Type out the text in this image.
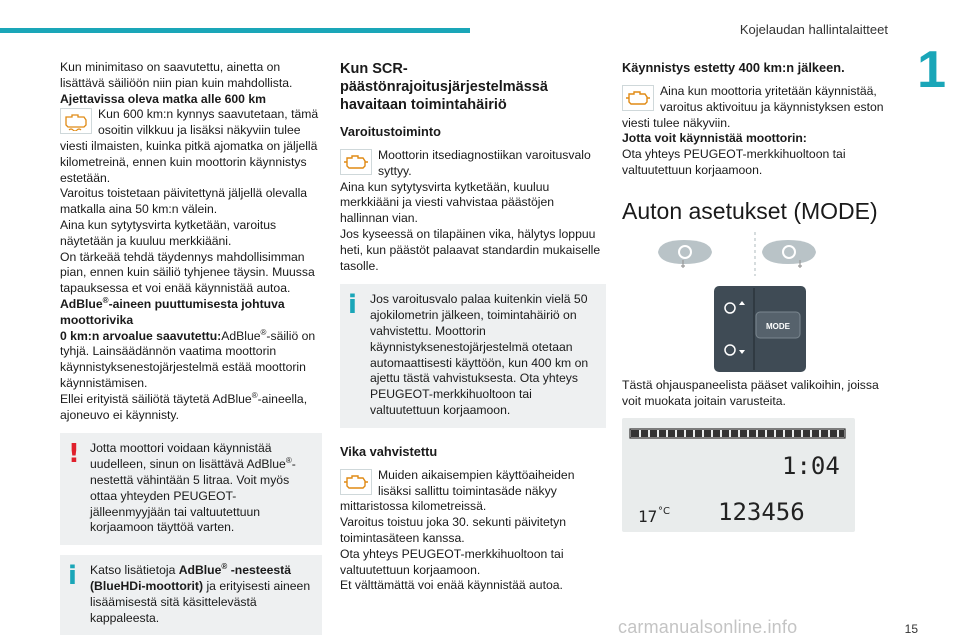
Kojelaudan hallintalaitteet
1

Kun minimitaso on saavutettu, ainetta on lisättävä säiliöön niin pian kuin mahdollista.

Ajettavissa oleva matka alle 600 km

Kun 600 km:n kynnys saavutetaan, tämä osoitin vilkkuu ja lisäksi näkyviin tulee viesti ilmaisten, kuinka pitkä ajomatka on jäljellä kilometreinä, ennen kuin moottorin käynnistys estetään.

Varoitus toistetaan päivitettynä jäljellä olevalla matkalla aina 50 km:n välein.

Aina kun sytytysvirta kytketään, varoitus näytetään ja kuuluu merkkiääni.

On tärkeää tehdä täydennys mahdollisimman pian, ennen kuin säiliö tyhjenee täysin. Muussa tapauksessa et voi enää käynnistää autoa.

AdBlue®-aineen puuttumisesta johtuva moottorivika

0 km:n arvoalue saavutettu:AdBlue®-säiliö on tyhjä. Lainsäädännön vaatima moottorin käynnistyksenestojärjestelmä estää moottorin käynnistämisen.

Ellei erityistä säiliötä täytetä AdBlue®-aineella, ajoneuvo ei käynnisty.

! Jotta moottori voidaan käynnistää uudelleen, sinun on lisättävä AdBlue®-nestettä vähintään 5 litraa. Voit myös ottaa yhteyden PEUGEOT-jälleenmyyjään tai valtuutettuun korjaamoon täyttöä varten.
i	Katso lisätietoja AdBlue® -nesteestä (BlueHDi-moottorit) ja erityisesti aineen lisäämisestä sitä käsittelevästä kappaleesta.
Kun SCR-päästönrajoitusjärjestelmässä havaitaan toimintahäiriö
Varoitustoiminto
Moottorin itsediagnostiikan varoitusvalo syttyy.

Aina kun sytytysvirta kytketään, kuuluu merkkiääni ja viesti vahvistaa päästöjen hallinnan vian.

Jos kyseessä on tilapäinen vika, hälytys loppuu heti, kun päästöt palaavat standardin mukaiselle tasolle.

i	Jos varoitusvalo palaa kuitenkin vielä 50 ajokilometrin jälkeen, toimintahäiriö on vahvistettu. Moottorin käynnistyksenestojärjestelmä otetaan automaattisesti käyttöön, kun 400 km on ajettu tästä vahvistuksesta. Ota yhteys PEUGEOT-merkkihuoltoon tai valtuutettuun korjaamoon.
Vika vahvistettu
Muiden aikaisempien käyttöaiheiden lisäksi sallittu toimintasäde näkyy mittaristossa kilometreissä.

Varoitus toistuu joka 30. sekunti päivitetyn toimintasäteen kanssa.

Ota yhteys PEUGEOT-merkkihuoltoon tai valtuutettuun korjaamoon.

Et välttämättä voi enää käynnistää autoa.

Käynnistys estetty 400 km:n jälkeen.
Aina kun moottoria yritetään käynnistää, varoitus aktivoituu ja käynnistyksen eston viesti tulee näkyviin.

Jotta voit käynnistää moottorin:

Ota yhteys PEUGEOT-merkkihuoltoon tai valtuutettuun korjaamoon.

Auton asetukset (MODE)
MODE

Tästä ohjauspaneelista pääset valikoihin, joissa voit muokata joitain varusteita.

1:04
17 °C 123456
carmanualsonline.info	15
